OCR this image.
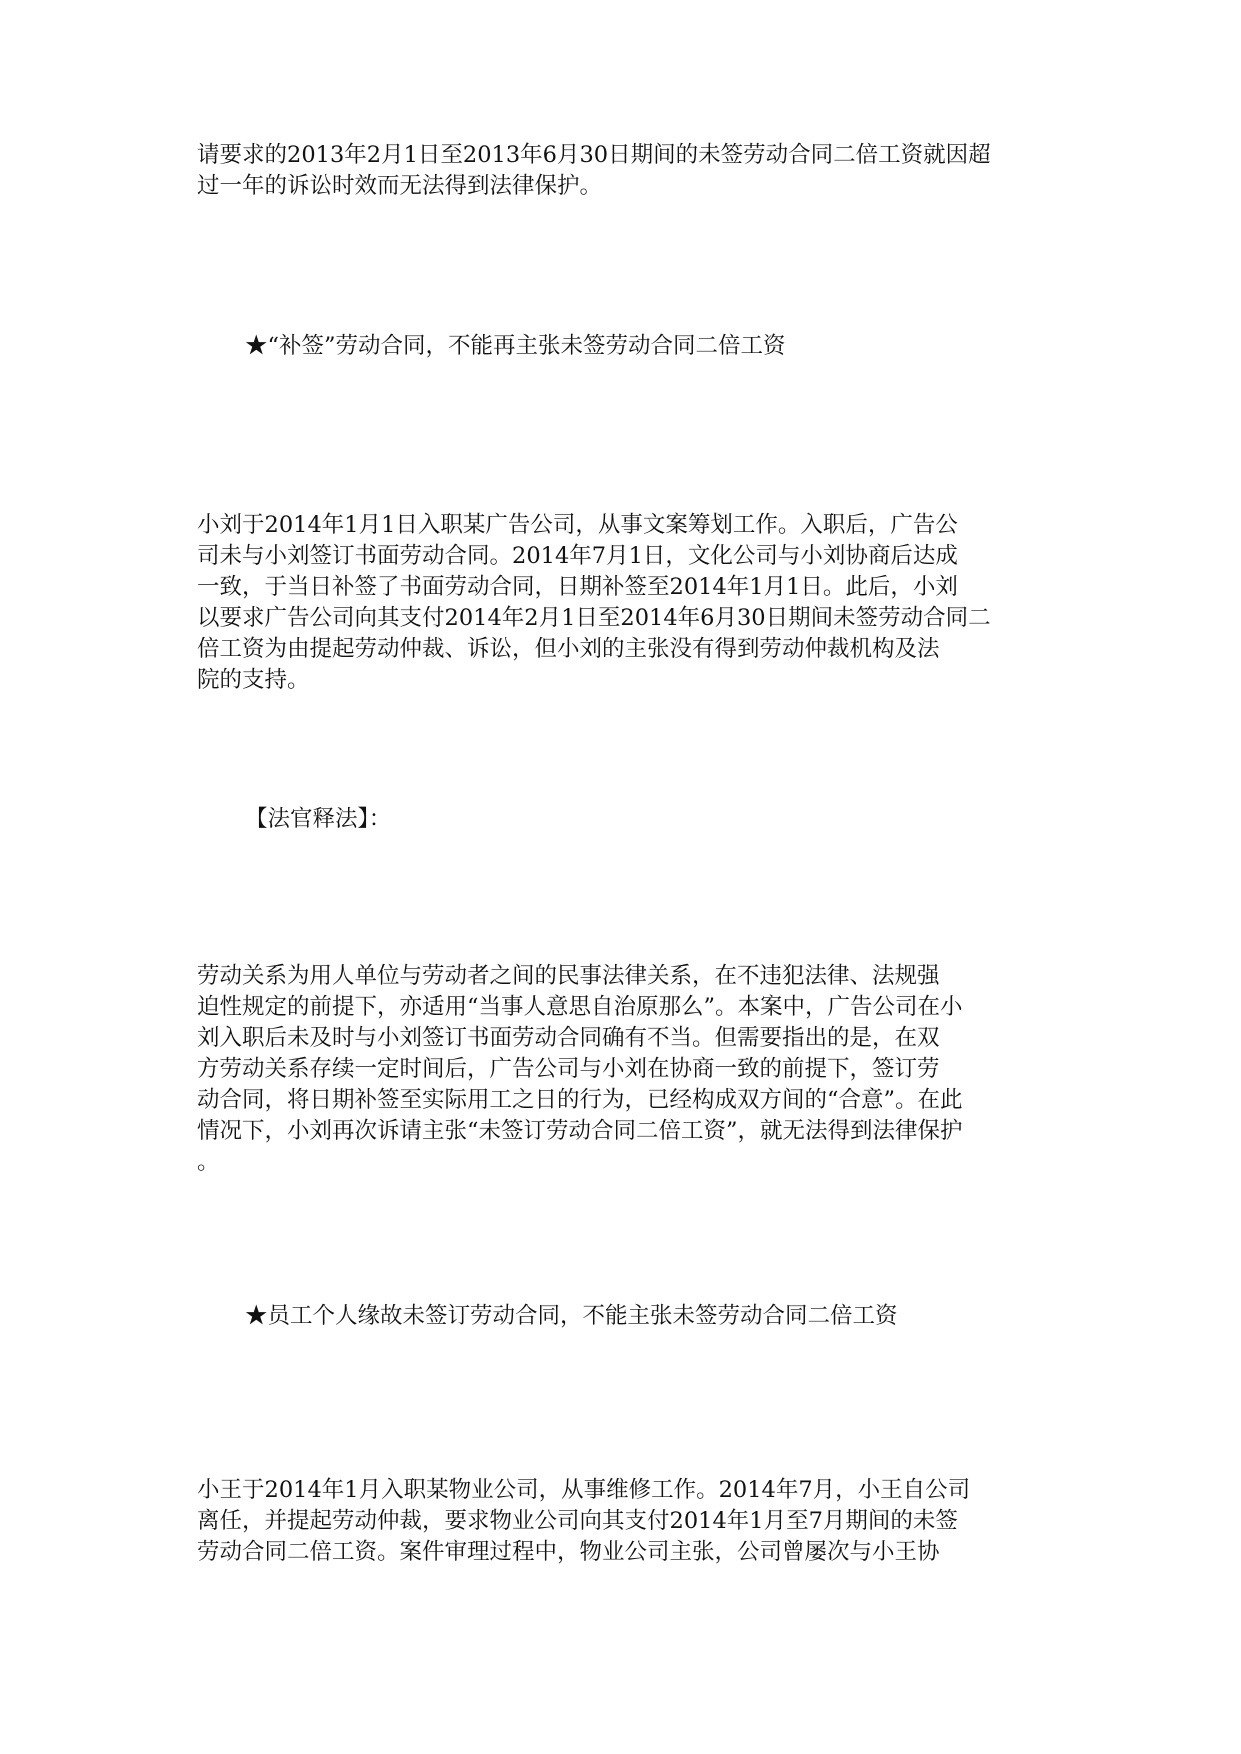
请要求的2013年2月1日至2013年6月30日期间的未签劳动合同二倍工资就因超
过一年的诉讼时效而无法得到法律保护。

★“补签”劳动合同，不能再主张未签劳动合同二倍工资

小刘于2014年1月1日入职某广告公司，从事文案筹划工作。入职后，广告公
司未与小刘签订书面劳动合同。2014年7月1日，文化公司与小刘协商后达成
一致，于当日补签了书面劳动合同，日期补签至2014年1月1日。此后，小刘
以要求广告公司向其支付2014年2月1日至2014年6月30日期间未签劳动合同二
倍工资为由提起劳动仲裁、诉讼，但小刘的主张没有得到劳动仲裁机构及法
院的支持。

【法官释法】：

劳动关系为用人单位与劳动者之间的民事法律关系，在不违犯法律、法规强
迫性规定的前提下，亦适用“当事人意思自治原那么”。本案中，广告公司在小
刘入职后未及时与小刘签订书面劳动合同确有不当。但需要指出的是，在双
方劳动关系存续一定时间后，广告公司与小刘在协商一致的前提下，签订劳
动合同，将日期补签至实际用工之日的行为，已经构成双方间的“合意”。在此
情况下，小刘再次诉请主张“未签订劳动合同二倍工资”，就无法得到法律保护
。

★员工个人缘故未签订劳动合同，不能主张未签劳动合同二倍工资

小王于2014年1月入职某物业公司，从事维修工作。2014年7月，小王自公司
离任，并提起劳动仲裁，要求物业公司向其支付2014年1月至7月期间的未签
劳动合同二倍工资。案件审理过程中，物业公司主张，公司曾屡次与小王协
